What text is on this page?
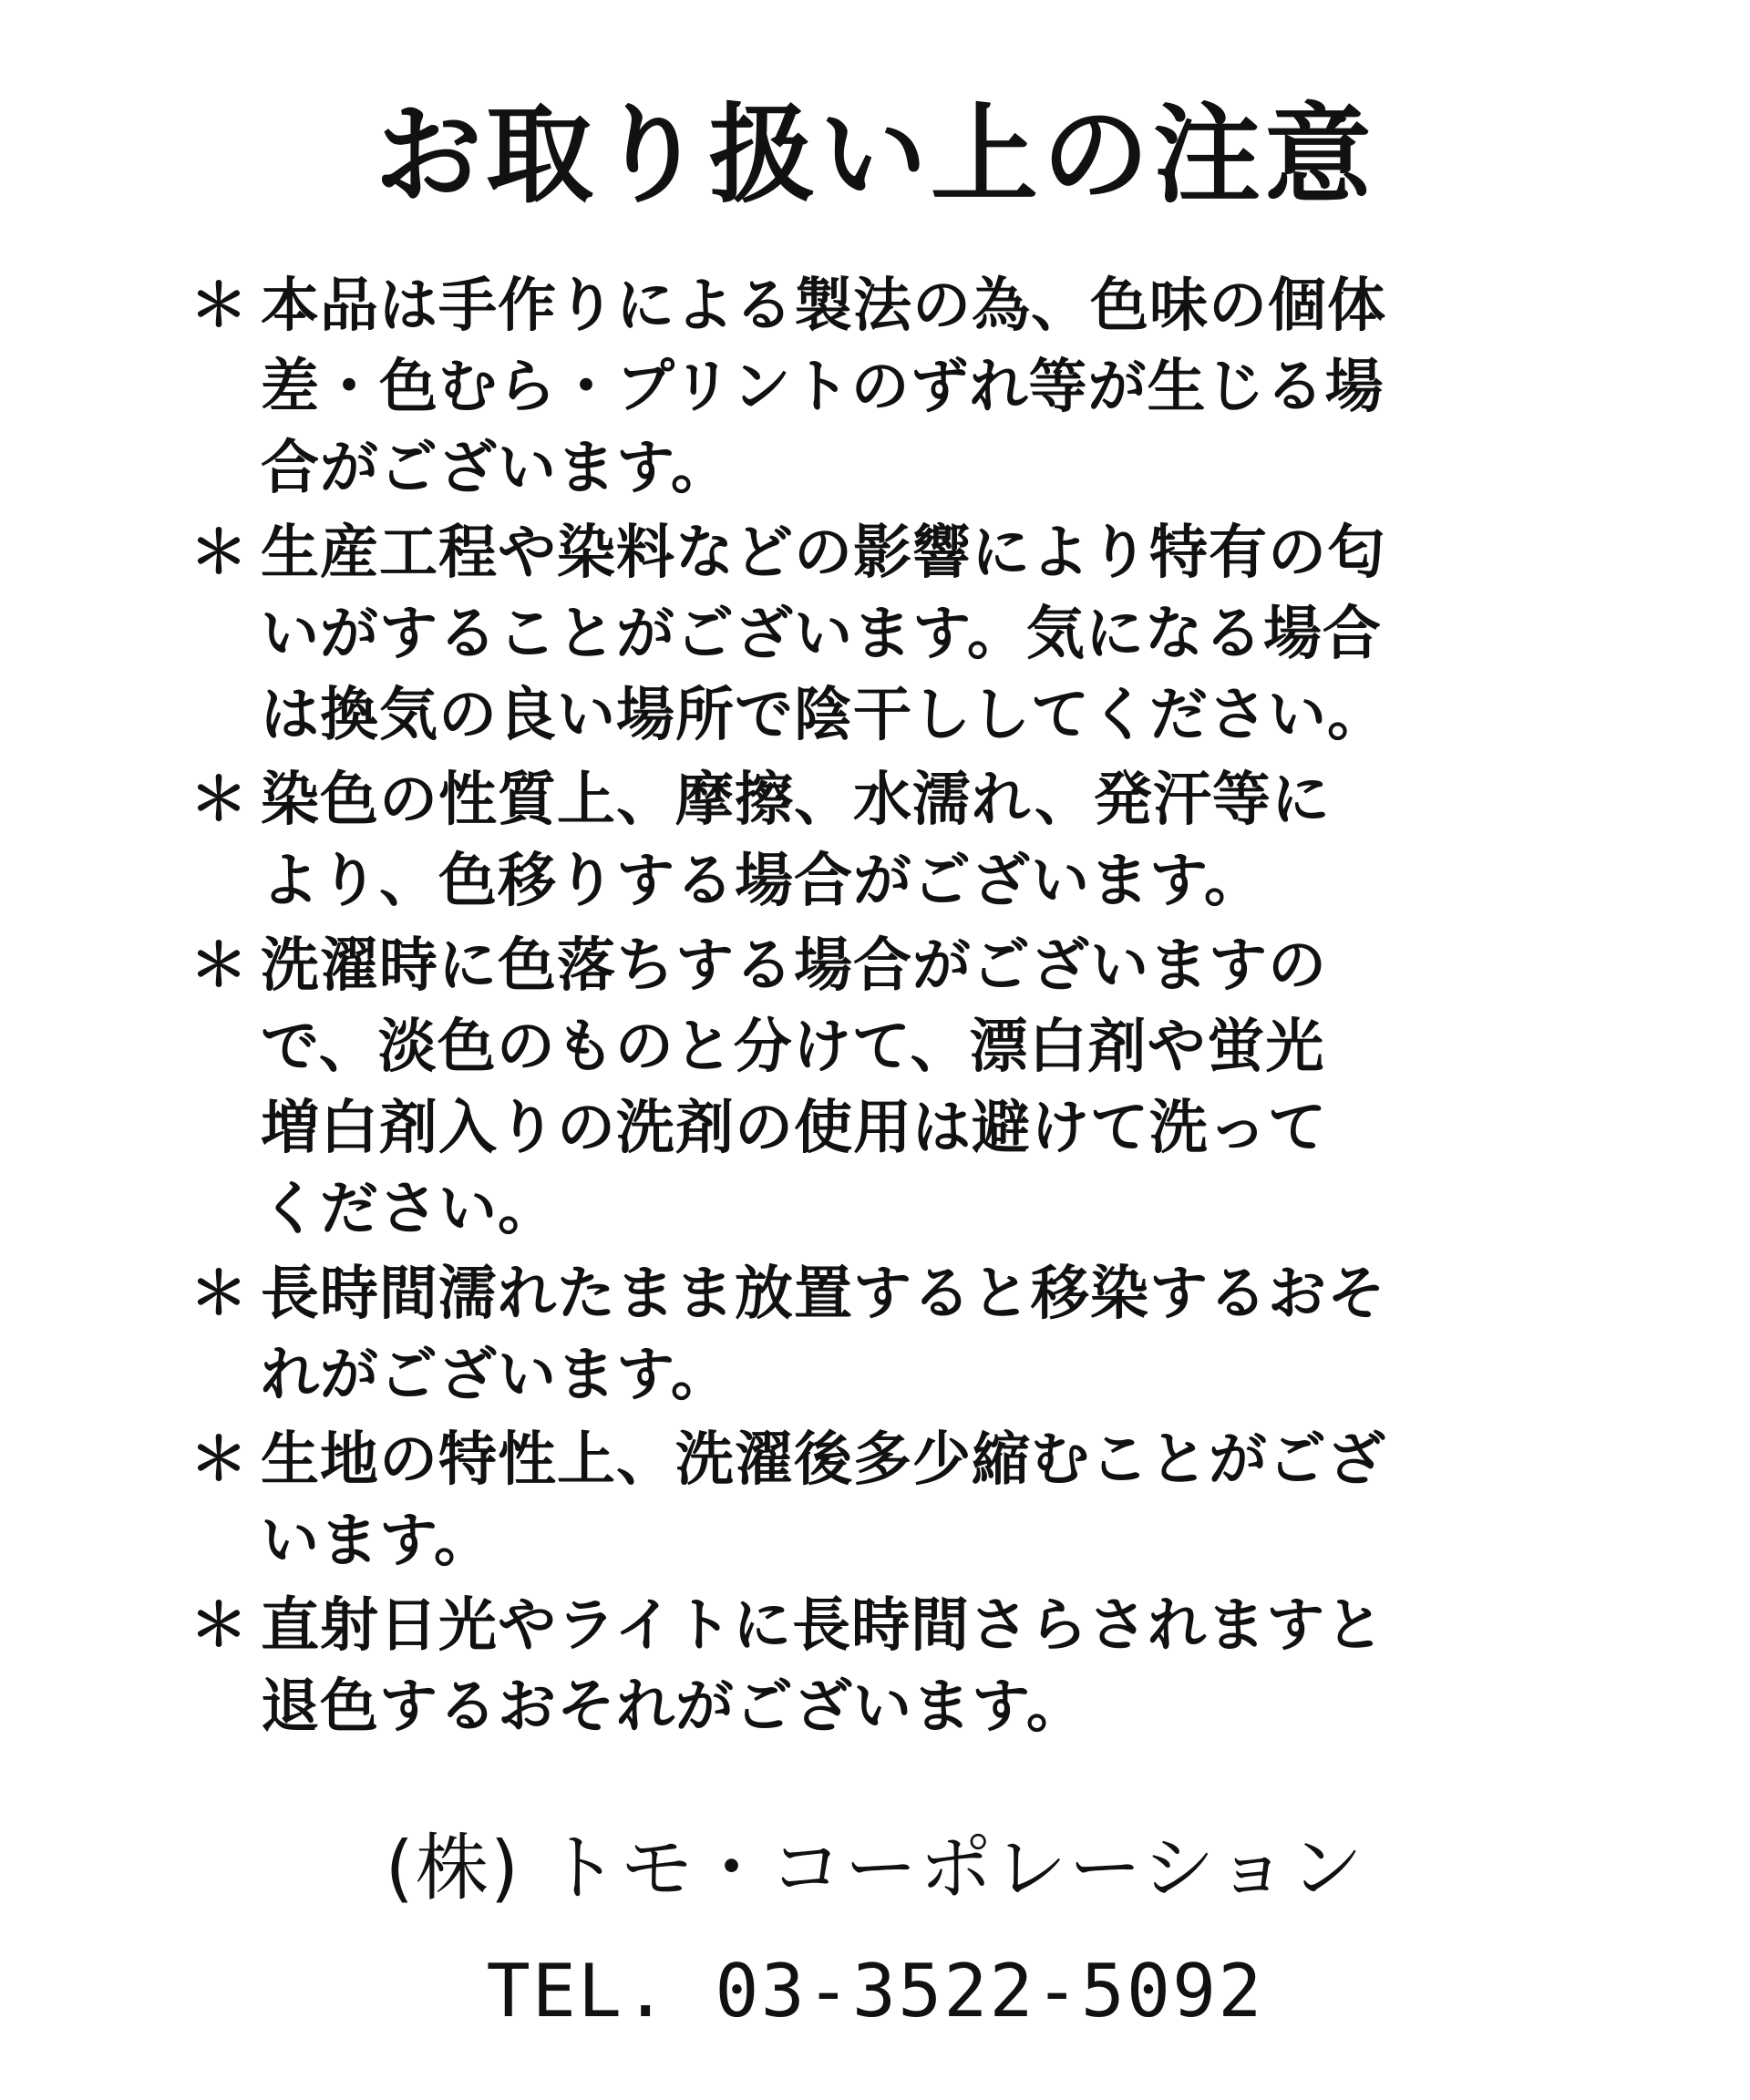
お取り扱い上の注意
＊ 本品は手作りによる製法の為、色味の個体
差・色むら・プリントのずれ等が生じる場
合がございます。
＊ 生産工程や染料などの影響により特有の匂
いがすることがございます。気になる場合
は換気の良い場所で陰干ししてください。
＊ 染色の性質上、摩擦、水濡れ、発汗等に
より、色移りする場合がございます。
＊ 洗濯時に色落ちする場合がございますの
で、淡色のものと分けて、漂白剤や蛍光
増白剤入りの洗剤の使用は避けて洗って
ください。
＊ 長時間濡れたまま放置すると移染するおそ
れがございます。
＊ 生地の特性上、洗濯後多少縮むことがござ
います。
＊ 直射日光やライトに長時間さらされますと
退色するおそれがございます。
(株) トモ・コーポレーション
TEL. 03-3522-5092
